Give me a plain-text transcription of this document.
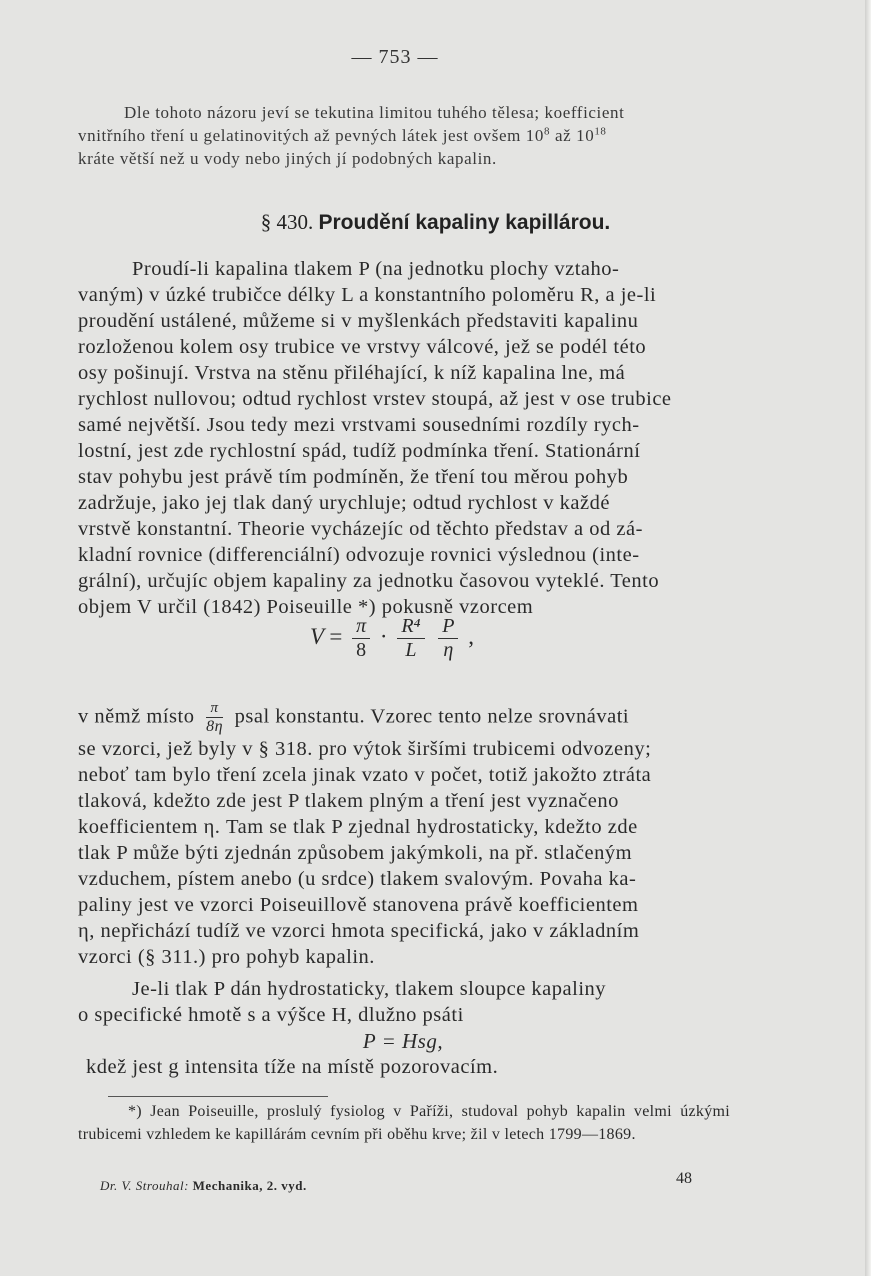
— 753 —
Dle tohoto názoru jeví se tekutina limitou tuhého tělesa; koefficient
vnitřního tření u gelatinovitých až pevných látek jest ovšem $10^8$ až $10^{18}$
kráte větší než u vody nebo jiných jí podobných kapalin.
§ 430. Proudění kapaliny kapillárou.
Proudí-li kapalina tlakem P (na jednotku plochy vztaho-
vaným) v úzké trubičce délky L a konstantního poloměru R, a je-li
proudění ustálené, můžeme si v myšlenkách představiti kapalinu
rozloženou kolem osy trubice ve vrstvy válcové, jež se podél této
osy pošinují. Vrstva na stěnu přiléhající, k níž kapalina lne, má
rychlost nullovou; odtud rychlost vrstev stoupá, až jest v ose trubice
samé největší. Jsou tedy mezi vrstvami sousedními rozdíly rych-
lostní, jest zde rychlostní spád, tudíž podmínka tření. Stationární
stav pohybu jest právě tím podmíněn, že tření tou měrou pohyb
zadržuje, jako jej tlak daný urychluje; odtud rychlost v každé
vrstvě konstantní. Theorie vycházejíc od těchto představ a od zá-
kladní rovnice (differenciální) odvozuje rovnici výslednou (inte-
grální), určujíc objem kapaliny za jednotku časovou vyteklé. Tento
objem V určil (1842) Poiseuille *) pokusně vzorcem
$V = \frac{\pi}{8} \cdot \frac{\text{R⁴}}{L}$
$\frac{P}{\eta}$ ,
v němž místo $\frac{\pi}{8\eta}$ psal konstantu. Vzorec tento nelze srovnávati
se vzorci, jež byly v § 318. pro výtok širšími trubicemi odvozeny;
neboť tam bylo tření zcela jinak vzato v počet, totiž jakožto ztráta
tlaková, kdežto zde jest P tlakem plným a tření jest vyznačeno
koefficientem η. Tam se tlak P zjednal hydrostaticky, kdežto zde
tlak P může býti zjednán způsobem jakýmkoli, na př. stlačeným
vzduchem, pístem anebo (u srdce) tlakem svalovým. Povaha ka-
paliny jest ve vzorci Poiseuillově stanovena právě koefficientem
η, nepřichází tudíž ve vzorci hmota specifická, jako v základním
vzorci (§ 311.) pro pohyb kapalin.
Je-li tlak P dán hydrostaticky, tlakem sloupce kapaliny
o specifické hmotě s a výšce H, dlužno psáti
P = Hsg,
kdež jest g intensita tíže na místě pozorovacím.

*) Jean Poiseuille, proslulý fysiolog v Paříži, studoval pohyb kapalin velmi úzkými trubicemi vzhledem ke kapillárám cevním při oběhu krve; žil v letech 1799—1869.

Dr. V. Strouhal: Mechanika, 2. vyd.	48
